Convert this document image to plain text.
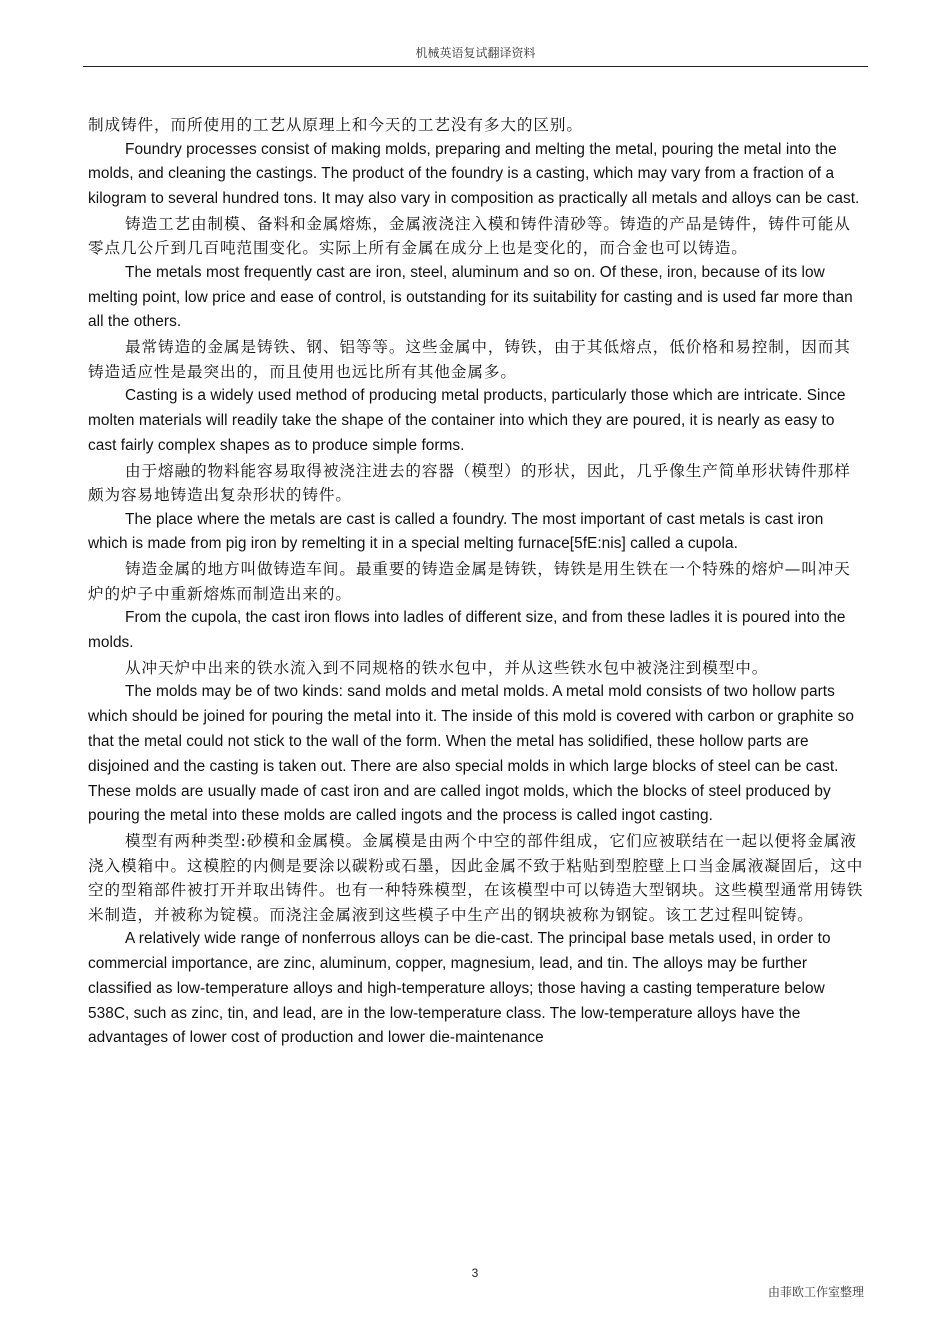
机械英语复试翻译资料

制成铸件，而所使用的工艺从原理上和今天的工艺没有多大的区别。

Foundry processes consist of making molds, preparing and melting the metal, pouring the metal into the molds, and cleaning the castings. The product of the foundry is a casting, which may vary from a fraction of a kilogram to several hundred tons. It may also vary in composition as practically all metals and alloys can be cast.

铸造工艺由制模、备料和金属熔炼，金属液浇注入模和铸件清砂等。铸造的产品是铸件，铸件可能从零点几公斤到几百吨范围变化。实际上所有金属在成分上也是变化的，而合金也可以铸造。

The metals most frequently cast are iron, steel, aluminum and so on. Of these, iron, because of its low melting point, low price and ease of control, is outstanding for its suitability for casting and is used far more than all the others.

最常铸造的金属是铸铁、钢、铝等等。这些金属中，铸铁，由于其低熔点，低价格和易控制，因而其铸造适应性是最突出的，而且使用也远比所有其他金属多。

Casting is a widely used method of producing metal products, particularly those which are intricate. Since molten materials will readily take the shape of the container into which they are poured, it is nearly as easy to cast fairly complex shapes as to produce simple forms.

由于熔融的物料能容易取得被浇注进去的容器（模型）的形状，因此，几乎像生产简单形状铸件那样颇为容易地铸造出复杂形状的铸件。

The place where the metals are cast is called a foundry. The most important of cast metals is cast iron which is made from pig iron by remelting it in a special melting furnace[5fE:nis] called a cupola.

铸造金属的地方叫做铸造车间。最重要的铸造金属是铸铁，铸铁是用生铁在一个特殊的熔炉—叫冲天炉的炉子中重新熔炼而制造出来的。

From the cupola, the cast iron flows into ladles of different size, and from these ladles it is poured into the molds.

从冲天炉中出来的铁水流入到不同规格的铁水包中，并从这些铁水包中被浇注到模型中。

The molds may be of two kinds: sand molds and metal molds. A metal mold consists of two hollow parts which should be joined for pouring the metal into it. The inside of this mold is covered with carbon or graphite so that the metal could not stick to the wall of the form. When the metal has solidified, these hollow parts are disjoined and the casting is taken out. There are also special molds in which large blocks of steel can be cast. These molds are usually made of cast iron and are called ingot molds, which the blocks of steel produced by pouring the metal into these molds are called ingots and the process is called ingot casting.

模型有两种类型:砂模和金属模。金属模是由两个中空的部件组成，它们应被联结在一起以便将金属液浇入模箱中。这模腔的内侧是要涂以碳粉或石墨，因此金属不致于粘贴到型腔壁上口当金属液凝固后，这中空的型箱部件被打开并取出铸件。也有一种特殊模型，在该模型中可以铸造大型钢块。这些模型通常用铸铁米制造，并被称为锭模。而浇注金属液到这些模子中生产出的钢块被称为钢锭。该工艺过程叫锭铸。

A relatively wide range of nonferrous alloys can be die-cast. The principal base metals used, in order to commercial importance, are zinc, aluminum, copper, magnesium, lead, and tin. The alloys may be further classified as low-temperature alloys and high-temperature alloys; those having a casting temperature below 538C, such as zinc, tin, and lead, are in the low-temperature class. The low-temperature alloys have the advantages of lower cost of production and lower die-maintenance

3
由菲欧工作室整理
